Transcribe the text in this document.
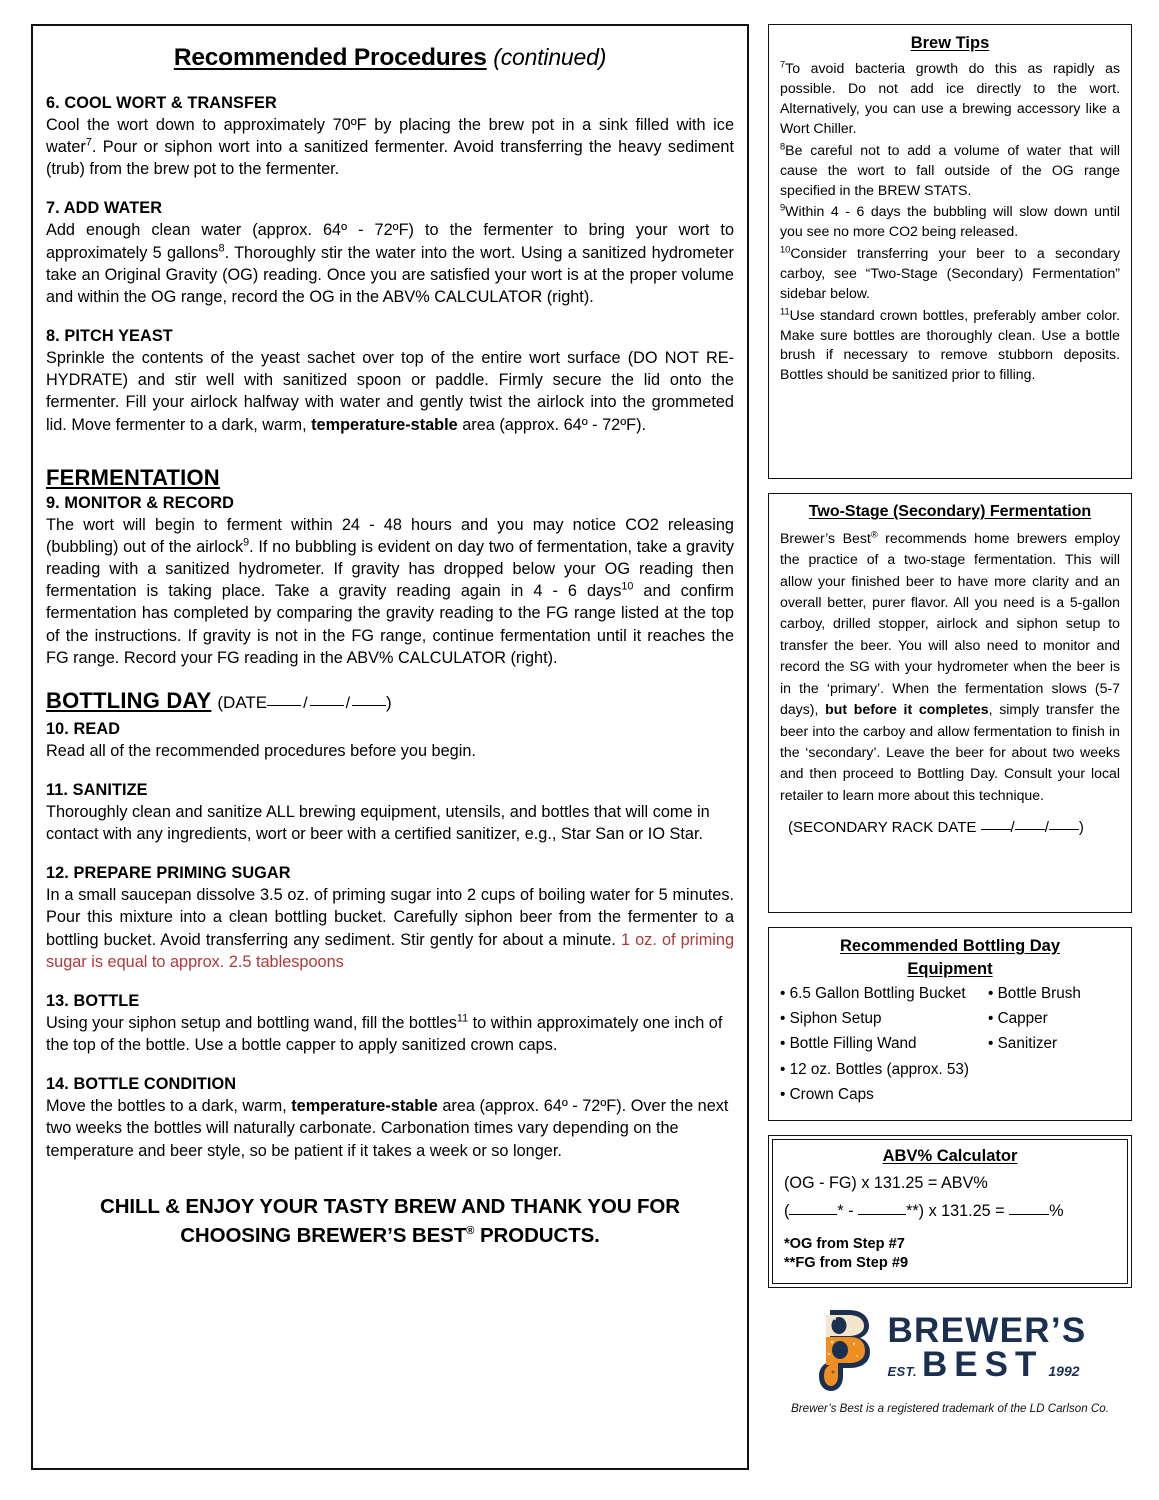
Recommended Procedures (continued)
6. COOL WORT & TRANSFER
Cool the wort down to approximately 70ºF by placing the brew pot in a sink filled with ice water$^7$. Pour or siphon wort into a sanitized fermenter. Avoid transferring the heavy sediment (trub) from the brew pot to the fermenter.
7. ADD WATER
Add enough clean water (approx. 64º - 72ºF) to the fermenter to bring your wort to approximately 5 gallons$^8$. Thoroughly stir the water into the wort. Using a sanitized hydrometer take an Original Gravity (OG) reading. Once you are satisfied your wort is at the proper volume and within the OG range, record the OG in the ABV% CALCULATOR (right).
8. PITCH YEAST
Sprinkle the contents of the yeast sachet over top of the entire wort surface (DO NOT RE-HYDRATE) and stir well with sanitized spoon or paddle. Firmly secure the lid onto the fermenter. Fill your airlock halfway with water and gently twist the airlock into the grommeted lid. Move fermenter to a dark, warm, temperature-stable area (approx. 64º - 72ºF).
FERMENTATION
9. MONITOR & RECORD
The wort will begin to ferment within 24 - 48 hours and you may notice CO2 releasing (bubbling) out of the airlock$^9$. If no bubbling is evident on day two of fermentation, take a gravity reading with a sanitized hydrometer. If gravity has dropped below your OG reading then fermentation is taking place. Take a gravity reading again in 4 - 6 days$^{10}$ and confirm fermentation has completed by comparing the gravity reading to the FG range listed at the top of the instructions. If gravity is not in the FG range, continue fermentation until it reaches the FG range. Record your FG reading in the ABV% CALCULATOR (right).
BOTTLING DAY (DATE / / )
10. READ
Read all of the recommended procedures before you begin.
11. SANITIZE
Thoroughly clean and sanitize ALL brewing equipment, utensils, and bottles that will come in contact with any ingredients, wort or beer with a certified sanitizer, e.g., Star San or IO Star.
12. PREPARE PRIMING SUGAR
In a small saucepan dissolve 3.5 oz. of priming sugar into 2 cups of boiling water for 5 minutes. Pour this mixture into a clean bottling bucket. Carefully siphon beer from the fermenter to a bottling bucket. Avoid transferring any sediment. Stir gently for about a minute. 1 oz. of priming sugar is equal to approx. 2.5 tablespoons
13. BOTTLE
Using your siphon setup and bottling wand, fill the bottles$^{11}$ to within approximately one inch of the top of the bottle. Use a bottle capper to apply sanitized crown caps.
14. BOTTLE CONDITION
Move the bottles to a dark, warm, temperature-stable area (approx. 64º - 72ºF). Over the next two weeks the bottles will naturally carbonate. Carbonation times vary depending on the temperature and beer style, so be patient if it takes a week or so longer.
CHILL & ENJOY YOUR TASTY BREW AND THANK YOU FOR
CHOOSING BREWER’S BEST® PRODUCTS.
Brew Tips

$^7$To avoid bacteria growth do this as rapidly as possible. Do not add ice directly to the wort. Alternatively, you can use a brewing accessory like a Wort Chiller.

$^8$Be careful not to add a volume of water that will cause the wort to fall outside of the OG range specified in the BREW STATS.

$^9$Within 4 - 6 days the bubbling will slow down until you see no more CO2 being released.

$^{10}$Consider transferring your beer to a secondary carboy, see “Two-Stage (Secondary) Fermentation” sidebar below.

$^{11}$Use standard crown bottles, preferably amber color. Make sure bottles are thoroughly clean. Use a bottle brush if necessary to remove stubborn deposits. Bottles should be sanitized prior to filling.

Two-Stage (Secondary) Fermentation

Brewer’s Best® recommends home brewers employ the practice of a two-stage fermentation. This will allow your finished beer to have more clarity and an overall better, purer flavor. All you need is a 5-gallon carboy, drilled stopper, airlock and siphon setup to transfer the beer. You will also need to monitor and record the SG with your hydrometer when the beer is in the ‘primary’. When the fermentation slows (5-7 days), but before it completes, simply transfer the beer into the carboy and allow fermentation to finish in the ‘secondary’. Leave the beer for about two weeks and then proceed to Bottling Day. Consult your local retailer to learn more about this technique.

(SECONDARY RACK DATE / / )
Recommended Bottling Day
Equipment
• 6.5 Gallon Bottling Bucket
• Siphon Setup
• Bottle Filling Wand
• 12 oz. Bottles (approx. 53)
• Crown Caps
• Bottle Brush
• Capper
• Sanitizer
ABV% Calculator
(OG - FG) x 131.25 = ABV%
(	* -	**) x 131.25 = %
*OG from Step #7
**FG from Step #9
BREWER’S
EST. BEST 1992
Brewer’s Best is a registered trademark of the LD Carlson Co.
